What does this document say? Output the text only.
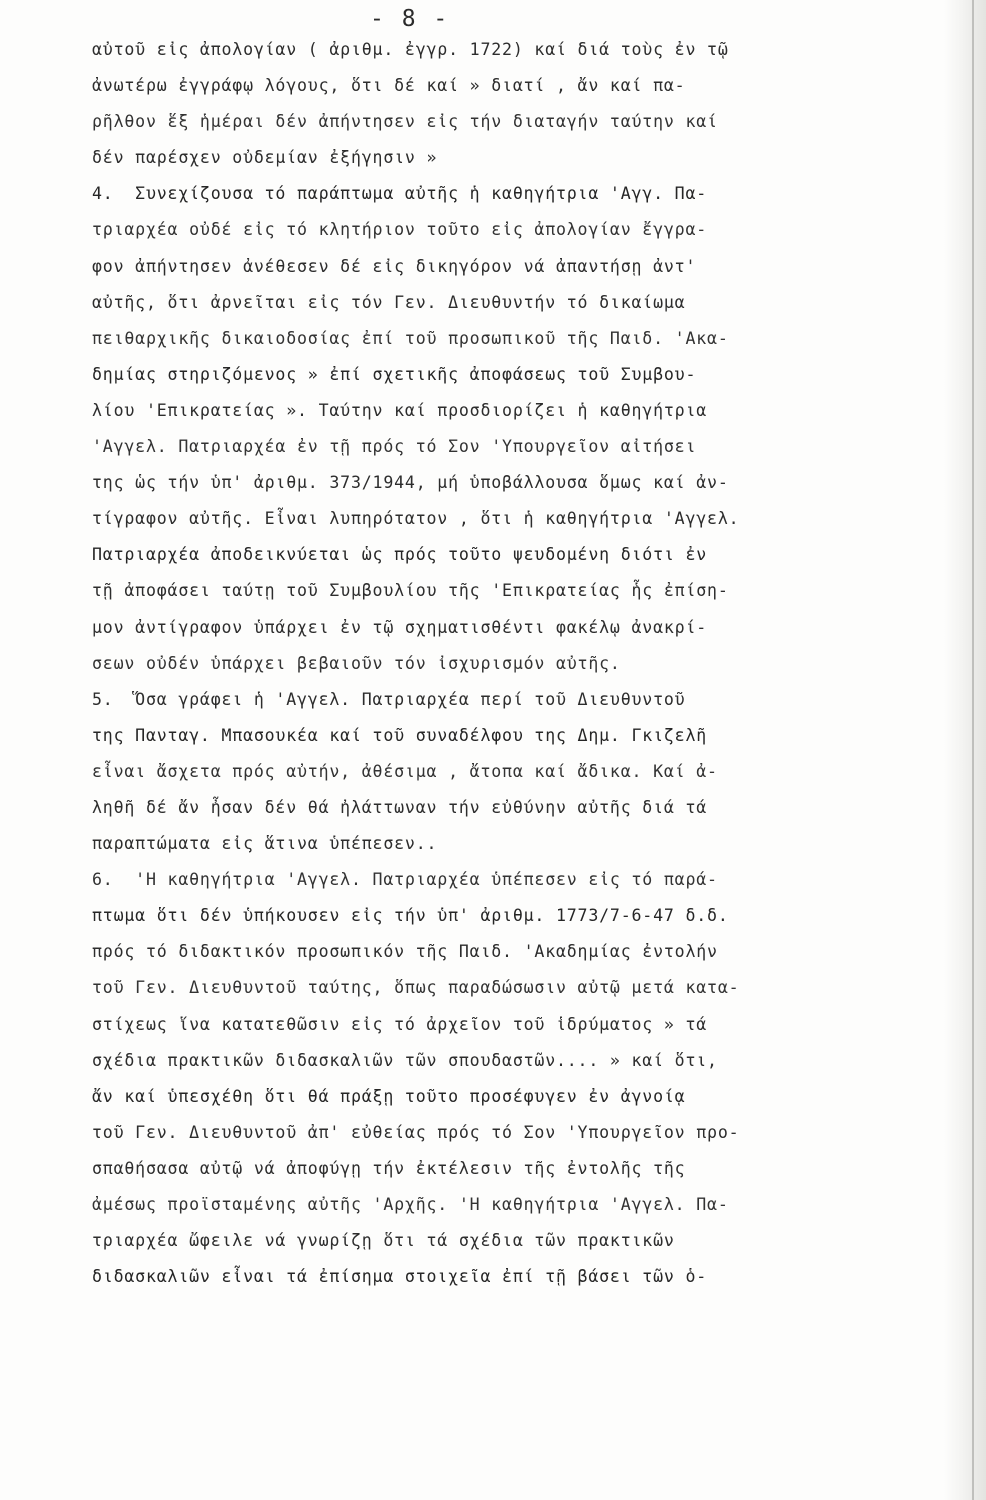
- 8 -
αὐτοῦ εἰς ἀπολογίαν ( ἀριθμ. ἐγγρ. 1722) καί διά τοὺς ἐν τῷ
ἀνωτέρω ἐγγράφῳ λόγους, ὅτι δέ καί » διατί , ἄν καί πα-
ρῆλθον ἕξ ἡμέραι δέν ἀπήντησεν εἰς τήν διαταγήν ταύτην καί
δέν παρέσχεν οὐδεμίαν ἐξήγησιν »
4.  Συνεχίζουσα τό παράπτωμα αὐτῆς ἡ καθηγήτρια 'Αγγ. Πα-
τριαρχέα οὐδέ εἰς τό κλητήριον τοῦτο εἰς ἀπολογίαν ἔγγρα-
φον ἀπήντησεν ἀνέθεσεν δέ εἰς δικηγόρον νά ἀπαντήσῃ ἀντ'
αὐτῆς, ὅτι ἀρνεῖται εἰς τόν Γεν. Διευθυντήν τό δικαίωμα
πειθαρχικῆς δικαιοδοσίας ἐπί τοῦ προσωπικοῦ τῆς Παιδ. 'Ακα-
δημίας στηριζόμενος » ἐπί σχετικῆς ἀποφάσεως τοῦ Συμβου-
λίου 'Επικρατείας ». Ταύτην καί προσδιορίζει ἡ καθηγήτρια
'Αγγελ. Πατριαρχέα ἐν τῇ πρός τό Σον 'Υπουργεῖον αἰτήσει
της ὡς τήν ὑπ' ἀριθμ. 373/1944, μή ὑποβάλλουσα ὅμως καί ἀν-
τίγραφον αὐτῆς. Εἶναι λυπηρότατον , ὅτι ἡ καθηγήτρια 'Αγγελ.
Πατριαρχέα ἀποδεικνύεται ὡς πρός τοῦτο ψευδομένη διότι ἐν
τῇ ἀποφάσει ταύτῃ τοῦ Συμβουλίου τῆς 'Επικρατείας ἧς ἐπίση-
μον ἀντίγραφον ὑπάρχει ἐν τῷ σχηματισθέντι φακέλῳ ἀνακρί-
σεων οὐδέν ὑπάρχει βεβαιοῦν τόν ἰσχυρισμόν αὐτῆς.
5.  Ὅσα γράφει ἡ 'Αγγελ. Πατριαρχέα περί τοῦ Διευθυντοῦ
της Πανταγ. Μπασουκέα καί τοῦ συναδέλφου της Δημ. Γκιζελῆ
εἶναι ἄσχετα πρός αὐτήν, ἀθέσιμα , ἄτοπα καί ἄδικα. Καί ἀ-
ληθῆ δέ ἄν ἦσαν δέν θά ἠλάττωναν τήν εὐθύνην αὐτῆς διά τά
παραπτώματα εἰς ἅτινα ὑπέπεσεν..
6.  'Η καθηγήτρια 'Αγγελ. Πατριαρχέα ὑπέπεσεν εἰς τό παρά-
πτωμα ὅτι δέν ὑπήκουσεν εἰς τήν ὑπ' ἀριθμ. 1773/7-6-47 δ.δ.
πρός τό διδακτικόν προσωπικόν τῆς Παιδ. 'Ακαδημίας ἐντολήν
τοῦ Γεν. Διευθυντοῦ ταύτης, ὅπως παραδώσωσιν αὐτῷ μετά κατα-
στίχεως ἵνα κατατεθῶσιν εἰς τό ἀρχεῖον τοῦ ἱδρύματος » τά
σχέδια πρακτικῶν διδασκαλιῶν τῶν σπουδαστῶν.... » καί ὅτι,
ἄν καί ὑπεσχέθη ὅτι θά πράξῃ τοῦτο προσέφυγεν ἐν ἀγνοίᾳ
τοῦ Γεν. Διευθυντοῦ ἀπ' εὐθείας πρός τό Σον 'Υπουργεῖον προ-
σπαθήσασα αὐτῷ νά ἀποφύγῃ τήν ἐκτέλεσιν τῆς ἐντολῆς τῆς
ἀμέσως προϊσταμένης αὐτῆς 'Αρχῆς. 'Η καθηγήτρια 'Αγγελ. Πα-
τριαρχέα ὤφειλε νά γνωρίζῃ ὅτι τά σχέδια τῶν πρακτικῶν
διδασκαλιῶν εἶναι τά ἐπίσημα στοιχεῖα ἐπί τῇ βάσει τῶν ὁ-
